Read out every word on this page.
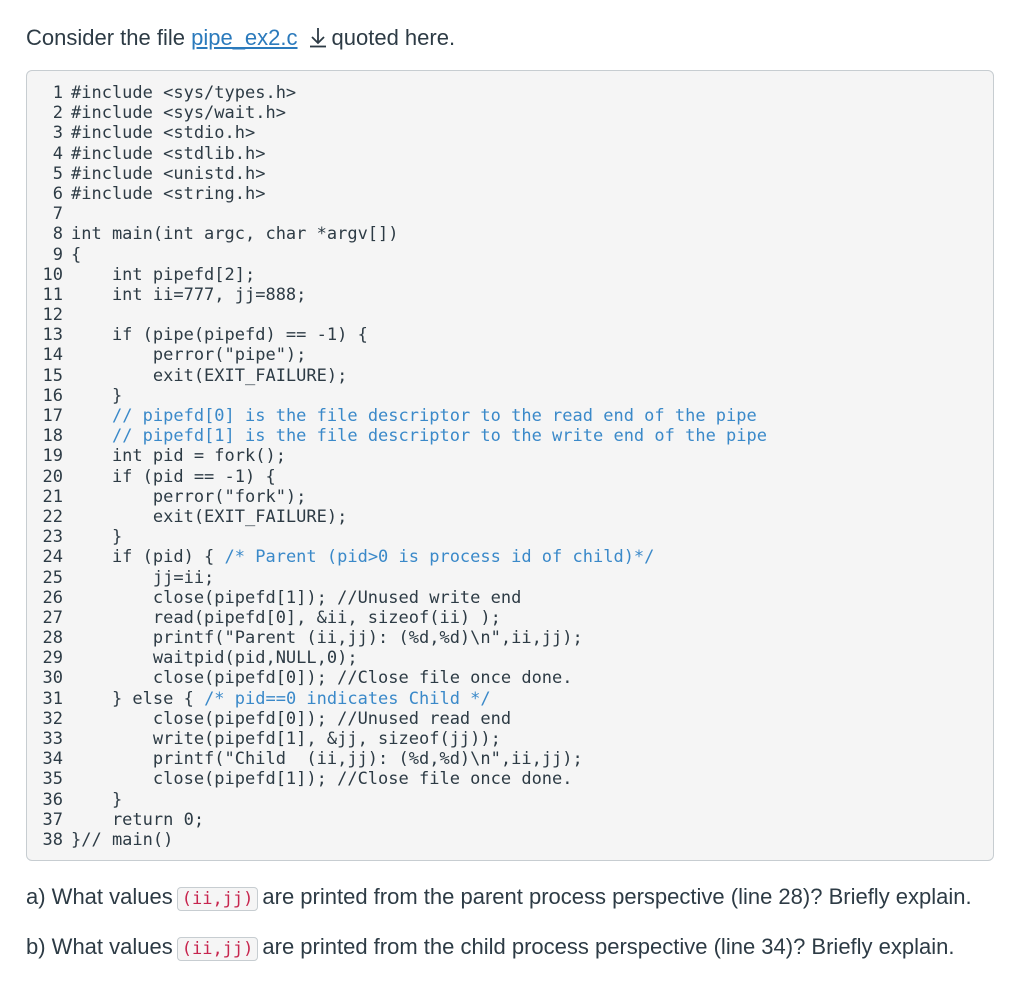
Consider the file pipe_ex2.c quoted here.
1 #include <sys/types.h>
2 #include <sys/wait.h>
3 #include <stdio.h>
4 #include <stdlib.h>
5 #include <unistd.h>
6 #include <string.h>
7
8 int main(int argc, char *argv[])
9 {
10 int pipefd[2];
11 int ii=777, jj=888;
12
13 if (pipe(pipefd) == -1) {
14 perror("pipe");
15 exit(EXIT_FAILURE);
16 }
17
	// pipefd[0] is the file descriptor to the read end of the pipe
18
	// pipefd[1] is the file descriptor to the write end of the pipe
19 int pid = fork();
20 if (pid == -1) {
21 perror("fork");
22 exit(EXIT_FAILURE);
23 }
24 if (pid) { /* Parent (pid>0 is process id of child)*/
25 jj=ii;
26 close(pipefd[1]); //Unused write end
27 read(pipefd[0], &ii, sizeof(ii) );
28 printf("Parent (ii,jj): (%d,%d)\n",ii,jj);
29 waitpid(pid,NULL,0);
30 close(pipefd[0]); //Close file once done.
31 } else { /* pid==0 indicates Child */
32 close(pipefd[0]); //Unused read end
33 write(pipefd[1], &jj, sizeof(jj));
34 printf("Child  (ii,jj): (%d,%d)\n",ii,jj);
35 close(pipefd[1]); //Close file once done.
36 }
37 return 0;
38 }// main()
a) What values (ii,jj) are printed from the parent process perspective (line 28)? Briefly explain.
b) What values (ii,jj) are printed from the child process perspective (line 34)? Briefly explain.
